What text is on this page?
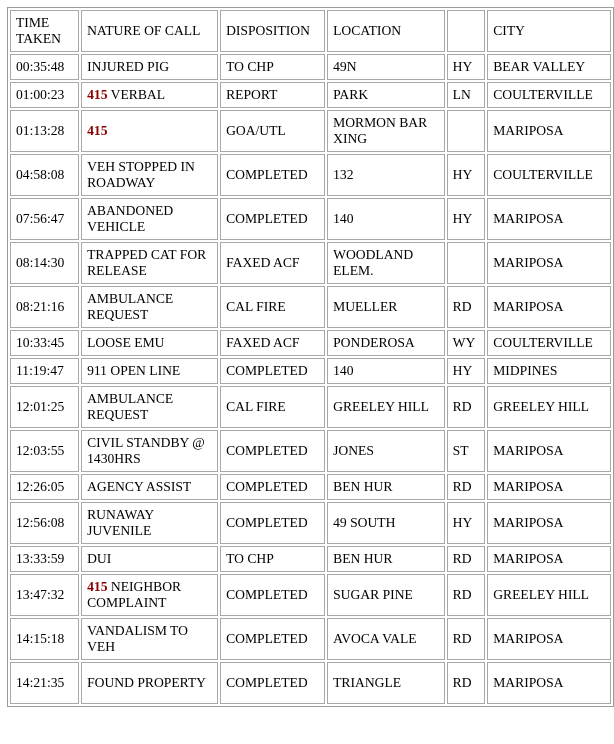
TIME TAKEN	NATURE OF CALL	DISPOSITION	LOCATION		CITY
00:35:48	INJURED PIG	TO CHP	49N	HY	BEAR VALLEY
01:00:23	415 VERBAL	REPORT	PARK	LN	COULTERVILLE
01:13:28	415	GOA/UTL	MORMON BAR XING		MARIPOSA
04:58:08	VEH STOPPED IN ROADWAY	COMPLETED	132	HY	COULTERVILLE
07:56:47	ABANDONED VEHICLE	COMPLETED	140	HY	MARIPOSA
08:14:30	TRAPPED CAT FOR RELEASE	FAXED ACF	WOODLAND ELEM.		MARIPOSA
08:21:16	AMBULANCE REQUEST	CAL FIRE	MUELLER	RD	MARIPOSA
10:33:45	LOOSE EMU	FAXED ACF	PONDEROSA	WY	COULTERVILLE
11:19:47	911 OPEN LINE	COMPLETED	140	HY	MIDPINES
12:01:25	AMBULANCE REQUEST	CAL FIRE	GREELEY HILL	RD	GREELEY HILL
12:03:55	CIVIL STANDBY @ 1430HRS	COMPLETED	JONES	ST	MARIPOSA
12:26:05	AGENCY ASSIST	COMPLETED	BEN HUR	RD	MARIPOSA
12:56:08	RUNAWAY JUVENILE	COMPLETED	49 SOUTH	HY	MARIPOSA
13:33:59	DUI	TO CHP	BEN HUR	RD	MARIPOSA
13:47:32	415 NEIGHBOR COMPLAINT	COMPLETED	SUGAR PINE	RD	GREELEY HILL
14:15:18	VANDALISM TO VEH	COMPLETED	AVOCA VALE	RD	MARIPOSA
14:21:35	FOUND PROPERTY	COMPLETED	TRIANGLE	RD	MARIPOSA
